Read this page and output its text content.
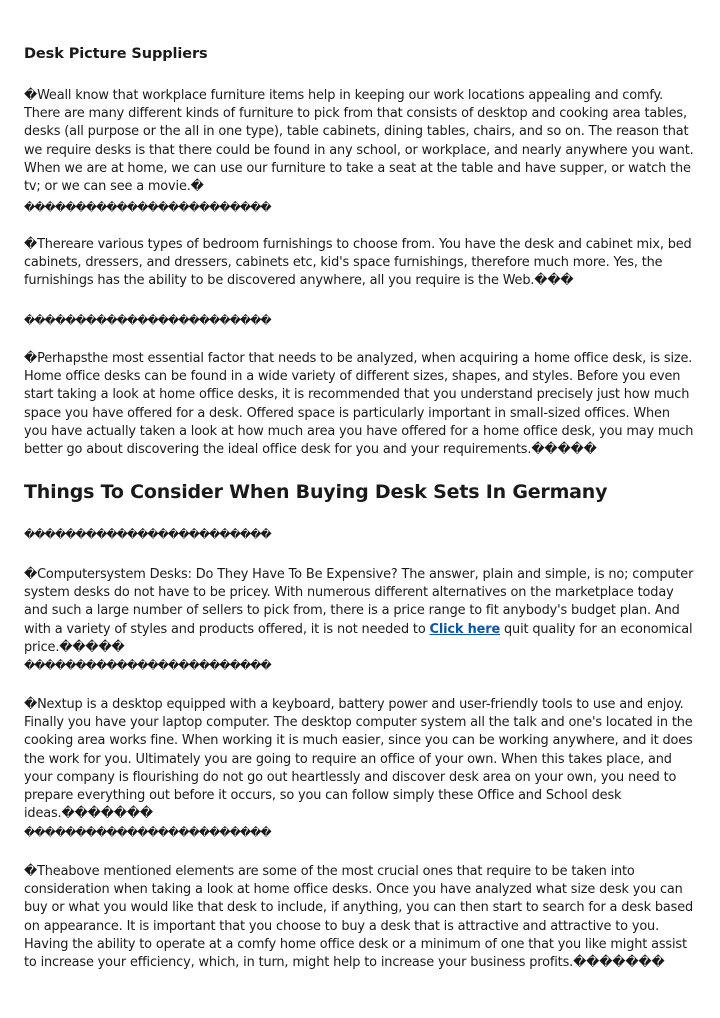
Desk Picture Suppliers

�Weall know that workplace furniture items help in keeping our work locations appealing and comfy. There are many different kinds of furniture to pick from that consists of desktop and cooking area tables, desks (all purpose or the all in one type), table cabinets, dining tables, chairs, and so on. The reason that we require desks is that there could be found in any school, or workplace, and nearly anywhere you want. When we are at home, we can use our furniture to take a seat at the table and have supper, or watch the tv; or we can see a movie.�

������������������������

�Thereare various types of bedroom furnishings to choose from. You have the desk and cabinet mix, bed cabinets, dressers, and dressers, cabinets etc, kid's space furnishings, therefore much more. Yes, the furnishings has the ability to be discovered anywhere, all you require is the Web.���

������������������������

�Perhapsthe most essential factor that needs to be analyzed, when acquiring a home office desk, is size. Home office desks can be found in a wide variety of different sizes, shapes, and styles. Before you even start taking a look at home office desks, it is recommended that you understand precisely just how much space you have offered for a desk. Offered space is particularly important in small-sized offices. When you have actually taken a look at how much area you have offered for a home office desk, you may much better go about discovering the ideal office desk for you and your requirements.�����

Things To Consider When Buying Desk Sets In Germany

������������������������

�Computersystem Desks: Do They Have To Be Expensive? The answer, plain and simple, is no; computer system desks do not have to be pricey. With numerous different alternatives on the marketplace today and such a large number of sellers to pick from, there is a price range to fit anybody's budget plan. And with a variety of styles and products offered, it is not needed to Click here quit quality for an economical price.�����

������������������������

�Nextup is a desktop equipped with a keyboard, battery power and user-friendly tools to use and enjoy. Finally you have your laptop computer. The desktop computer system all the talk and one's located in the cooking area works fine. When working it is much easier, since you can be working anywhere, and it does the work for you. Ultimately you are going to require an office of your own. When this takes place, and your company is flourishing do not go out heartlessly and discover desk area on your own, you need to prepare everything out before it occurs, so you can follow simply these Office and School desk ideas.�������

������������������������

�Theabove mentioned elements are some of the most crucial ones that require to be taken into consideration when taking a look at home office desks. Once you have analyzed what size desk you can buy or what you would like that desk to include, if anything, you can then start to search for a desk based on appearance. It is important that you choose to buy a desk that is attractive and attractive to you. Having the ability to operate at a comfy home office desk or a minimum of one that you like might assist to increase your efficiency, which, in turn, might help to increase your business profits.�������
